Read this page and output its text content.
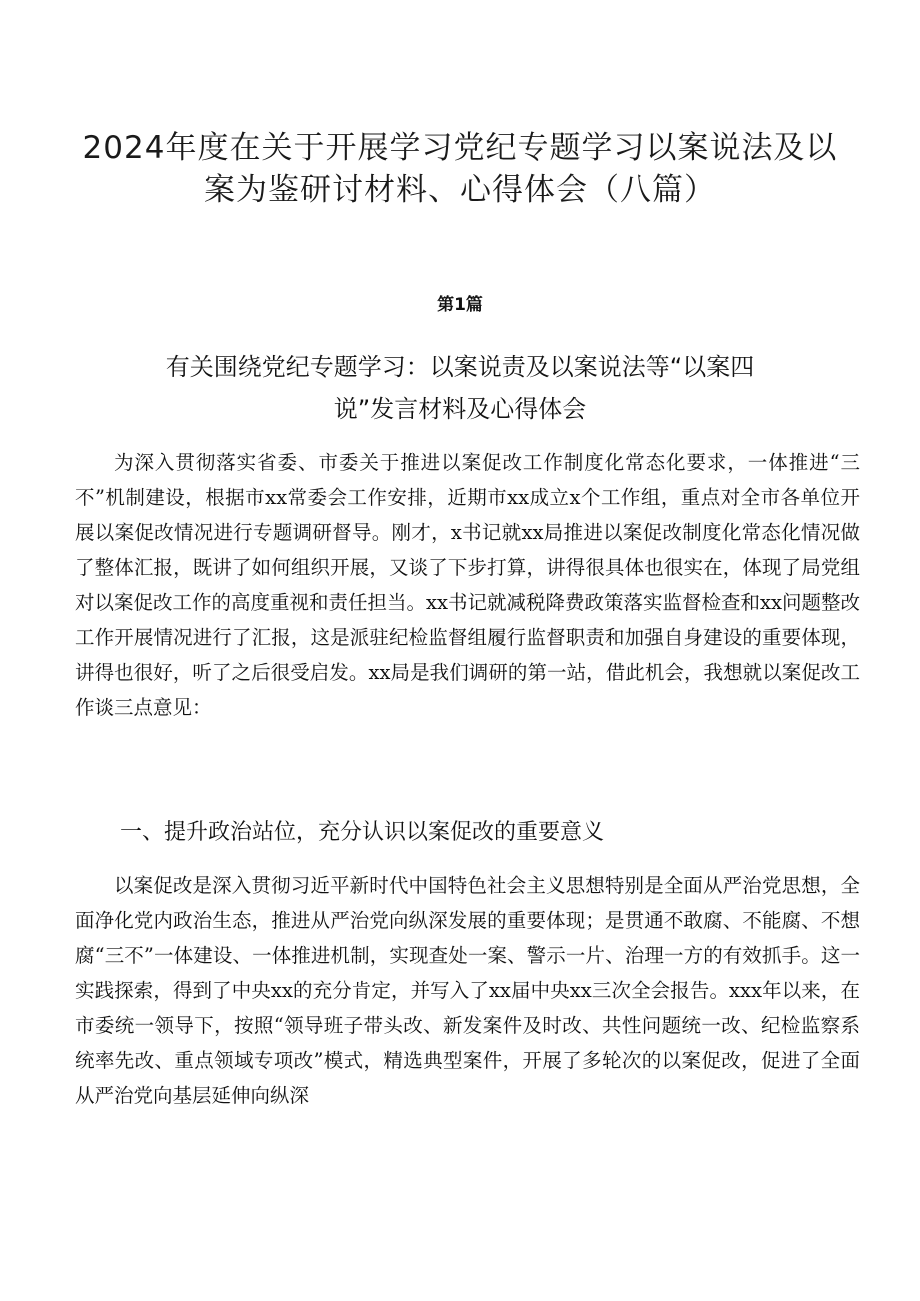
2024年度在关于开展学习党纪专题学习以案说法及以
案为鉴研讨材料、心得体会（八篇）
第1篇
有关围绕党纪专题学习：以案说责及以案说法等“以案四
说”发言材料及心得体会

为深入贯彻落实省委、市委关于推进以案促改工作制度化常态化要求，一体推进“三不”机制建设，根据市xx常委会工作安排，近期市xx成立x个工作组，重点对全市各单位开展以案促改情况进行专题调研督导。刚才，x书记就xx局推进以案促改制度化常态化情况做了整体汇报，既讲了如何组织开展，又谈了下步打算，讲得很具体也很实在，体现了局党组对以案促改工作的高度重视和责任担当。xx书记就减税降费政策落实监督检查和xx问题整改工作开展情况进行了汇报，这是派驻纪检监督组履行监督职责和加强自身建设的重要体现，讲得也很好，听了之后很受启发。xx局是我们调研的第一站，借此机会，我想就以案促改工作谈三点意见：

一、提升政治站位，充分认识以案促改的重要意义

以案促改是深入贯彻习近平新时代中国特色社会主义思想特别是全面从严治党思想，全面净化党内政治生态，推进从严治党向纵深发展的重要体现；是贯通不敢腐、不能腐、不想腐“三不”一体建设、一体推进机制，实现查处一案、警示一片、治理一方的有效抓手。这一实践探索，得到了中央xx的充分肯定，并写入了xx届中央xx三次全会报告。xxx年以来，在市委统一领导下，按照“领导班子带头改、新发案件及时改、共性问题统一改、纪检监察系统率先改、重点领域专项改”模式，精选典型案件，开展了多轮次的以案促改，促进了全面从严治党向基层延伸向纵深
